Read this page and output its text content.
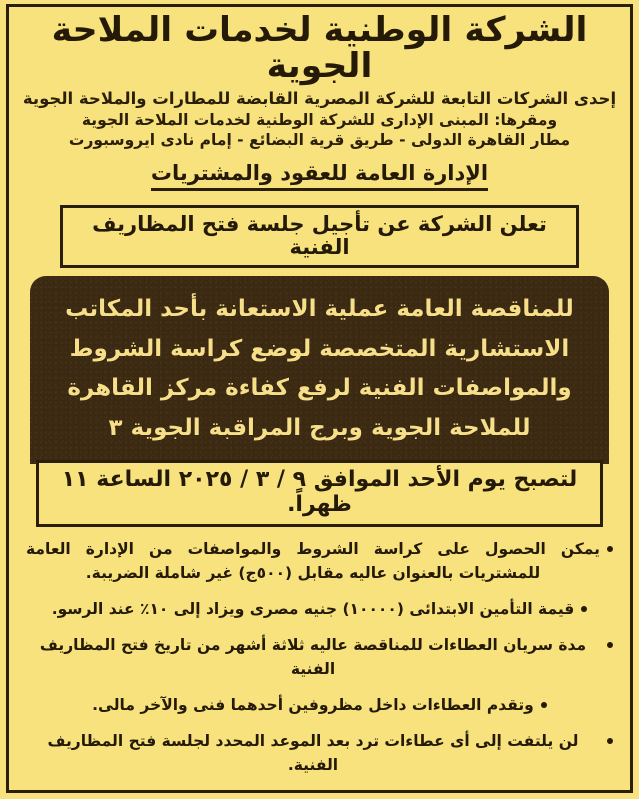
الشركة الوطنية لخدمات الملاحة الجوية
إحدى الشركات التابعة للشركة المصرية القابضة للمطارات والملاحة الجوية
ومقرها: المبنى الإدارى للشركة الوطنية لخدمات الملاحة الجوية
مطار القاهرة الدولى - طريق قرية البضائع - إمام نادى ايروسبورت
الإدارة العامة للعقود والمشتريات
تعلن الشركة عن تأجيل جلسة فتح المظاريف الفنية
للمناقصة العامة عملية الاستعانة بأحد المكاتب
الاستشارية المتخصصة لوضع كراسة الشروط
والمواصفات الفنية لرفع كفاءة مركز القاهرة
للملاحة الجوية وبرج المراقبة الجوية ٣
لتصبح يوم الأحد الموافق ٩ / ٣ / ٢٠٢٥ الساعة ١١ ظهراً.
يمكن الحصول على كراسة الشروط والمواصفات من الإدارة العامة للمشتريات بالعنوان عاليه مقابل (٥٠٠ج) غير شاملة الضريبة.
قيمة التأمين الابتدائى (١٠٠٠٠) جنيه مصرى ويزاد إلى ١٠٪ عند الرسو.
مدة سريان العطاءات للمناقصة عاليه ثلاثة أشهر من تاريخ فتح المظاريف الفنية
وتقدم العطاءات داخل مظروفين أحدهما فنى والآخر مالى.
لن يلتفت إلى أى عطاءات ترد بعد الموعد المحدد لجلسة فتح المظاريف الفنية.
